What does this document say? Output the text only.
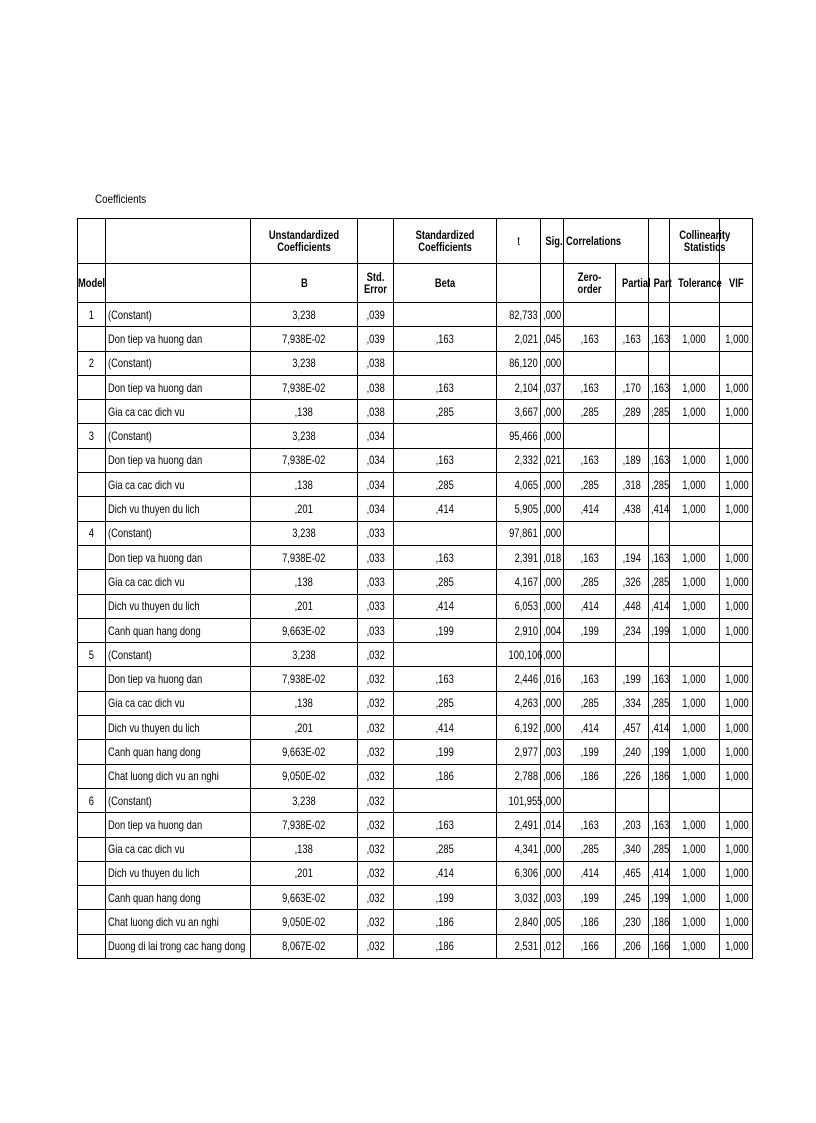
Coefficients
		Unstandardized Coefficients		Standardized Coefficients	t	Sig.	Correlations			Collinearity Statistics	
Model		B	Std. Error	Beta			Zero-order	Partial	Part	Tolerance	VIF
1	(Constant)	3,238	,039		82,733	,000					
	Don tiep va huong dan	7,938E-02	,039	,163	2,021	,045	,163	,163	,163	1,000	1,000
2	(Constant)	3,238	,038		86,120	,000					
	Don tiep va huong dan	7,938E-02	,038	,163	2,104	,037	,163	,170	,163	1,000	1,000
	Gia ca cac dich vu	,138	,038	,285	3,667	,000	,285	,289	,285	1,000	1,000
3	(Constant)	3,238	,034		95,466	,000					
	Don tiep va huong dan	7,938E-02	,034	,163	2,332	,021	,163	,189	,163	1,000	1,000
	Gia ca cac dich vu	,138	,034	,285	4,065	,000	,285	,318	,285	1,000	1,000
	Dich vu thuyen du lich	,201	,034	,414	5,905	,000	,414	,438	,414	1,000	1,000
4	(Constant)	3,238	,033		97,861	,000					
	Don tiep va huong dan	7,938E-02	,033	,163	2,391	,018	,163	,194	,163	1,000	1,000
	Gia ca cac dich vu	,138	,033	,285	4,167	,000	,285	,326	,285	1,000	1,000
	Dich vu thuyen du lich	,201	,033	,414	6,053	,000	,414	,448	,414	1,000	1,000
	Canh quan hang dong	9,663E-02	,033	,199	2,910	,004	,199	,234	,199	1,000	1,000
5	(Constant)	3,238	,032		100,106	,000					
	Don tiep va huong dan	7,938E-02	,032	,163	2,446	,016	,163	,199	,163	1,000	1,000
	Gia ca cac dich vu	,138	,032	,285	4,263	,000	,285	,334	,285	1,000	1,000
	Dich vu thuyen du lich	,201	,032	,414	6,192	,000	,414	,457	,414	1,000	1,000
	Canh quan hang dong	9,663E-02	,032	,199	2,977	,003	,199	,240	,199	1,000	1,000
	Chat luong dich vu an nghi	9,050E-02	,032	,186	2,788	,006	,186	,226	,186	1,000	1,000
6	(Constant)	3,238	,032		101,955	,000					
	Don tiep va huong dan	7,938E-02	,032	,163	2,491	,014	,163	,203	,163	1,000	1,000
	Gia ca cac dich vu	,138	,032	,285	4,341	,000	,285	,340	,285	1,000	1,000
	Dich vu thuyen du lich	,201	,032	,414	6,306	,000	,414	,465	,414	1,000	1,000
	Canh quan hang dong	9,663E-02	,032	,199	3,032	,003	,199	,245	,199	1,000	1,000
	Chat luong dich vu an nghi	9,050E-02	,032	,186	2,840	,005	,186	,230	,186	1,000	1,000
	Duong di lai trong cac hang dong	8,067E-02	,032	,186	2,531	,012	,166	,206	,166	1,000	1,000
